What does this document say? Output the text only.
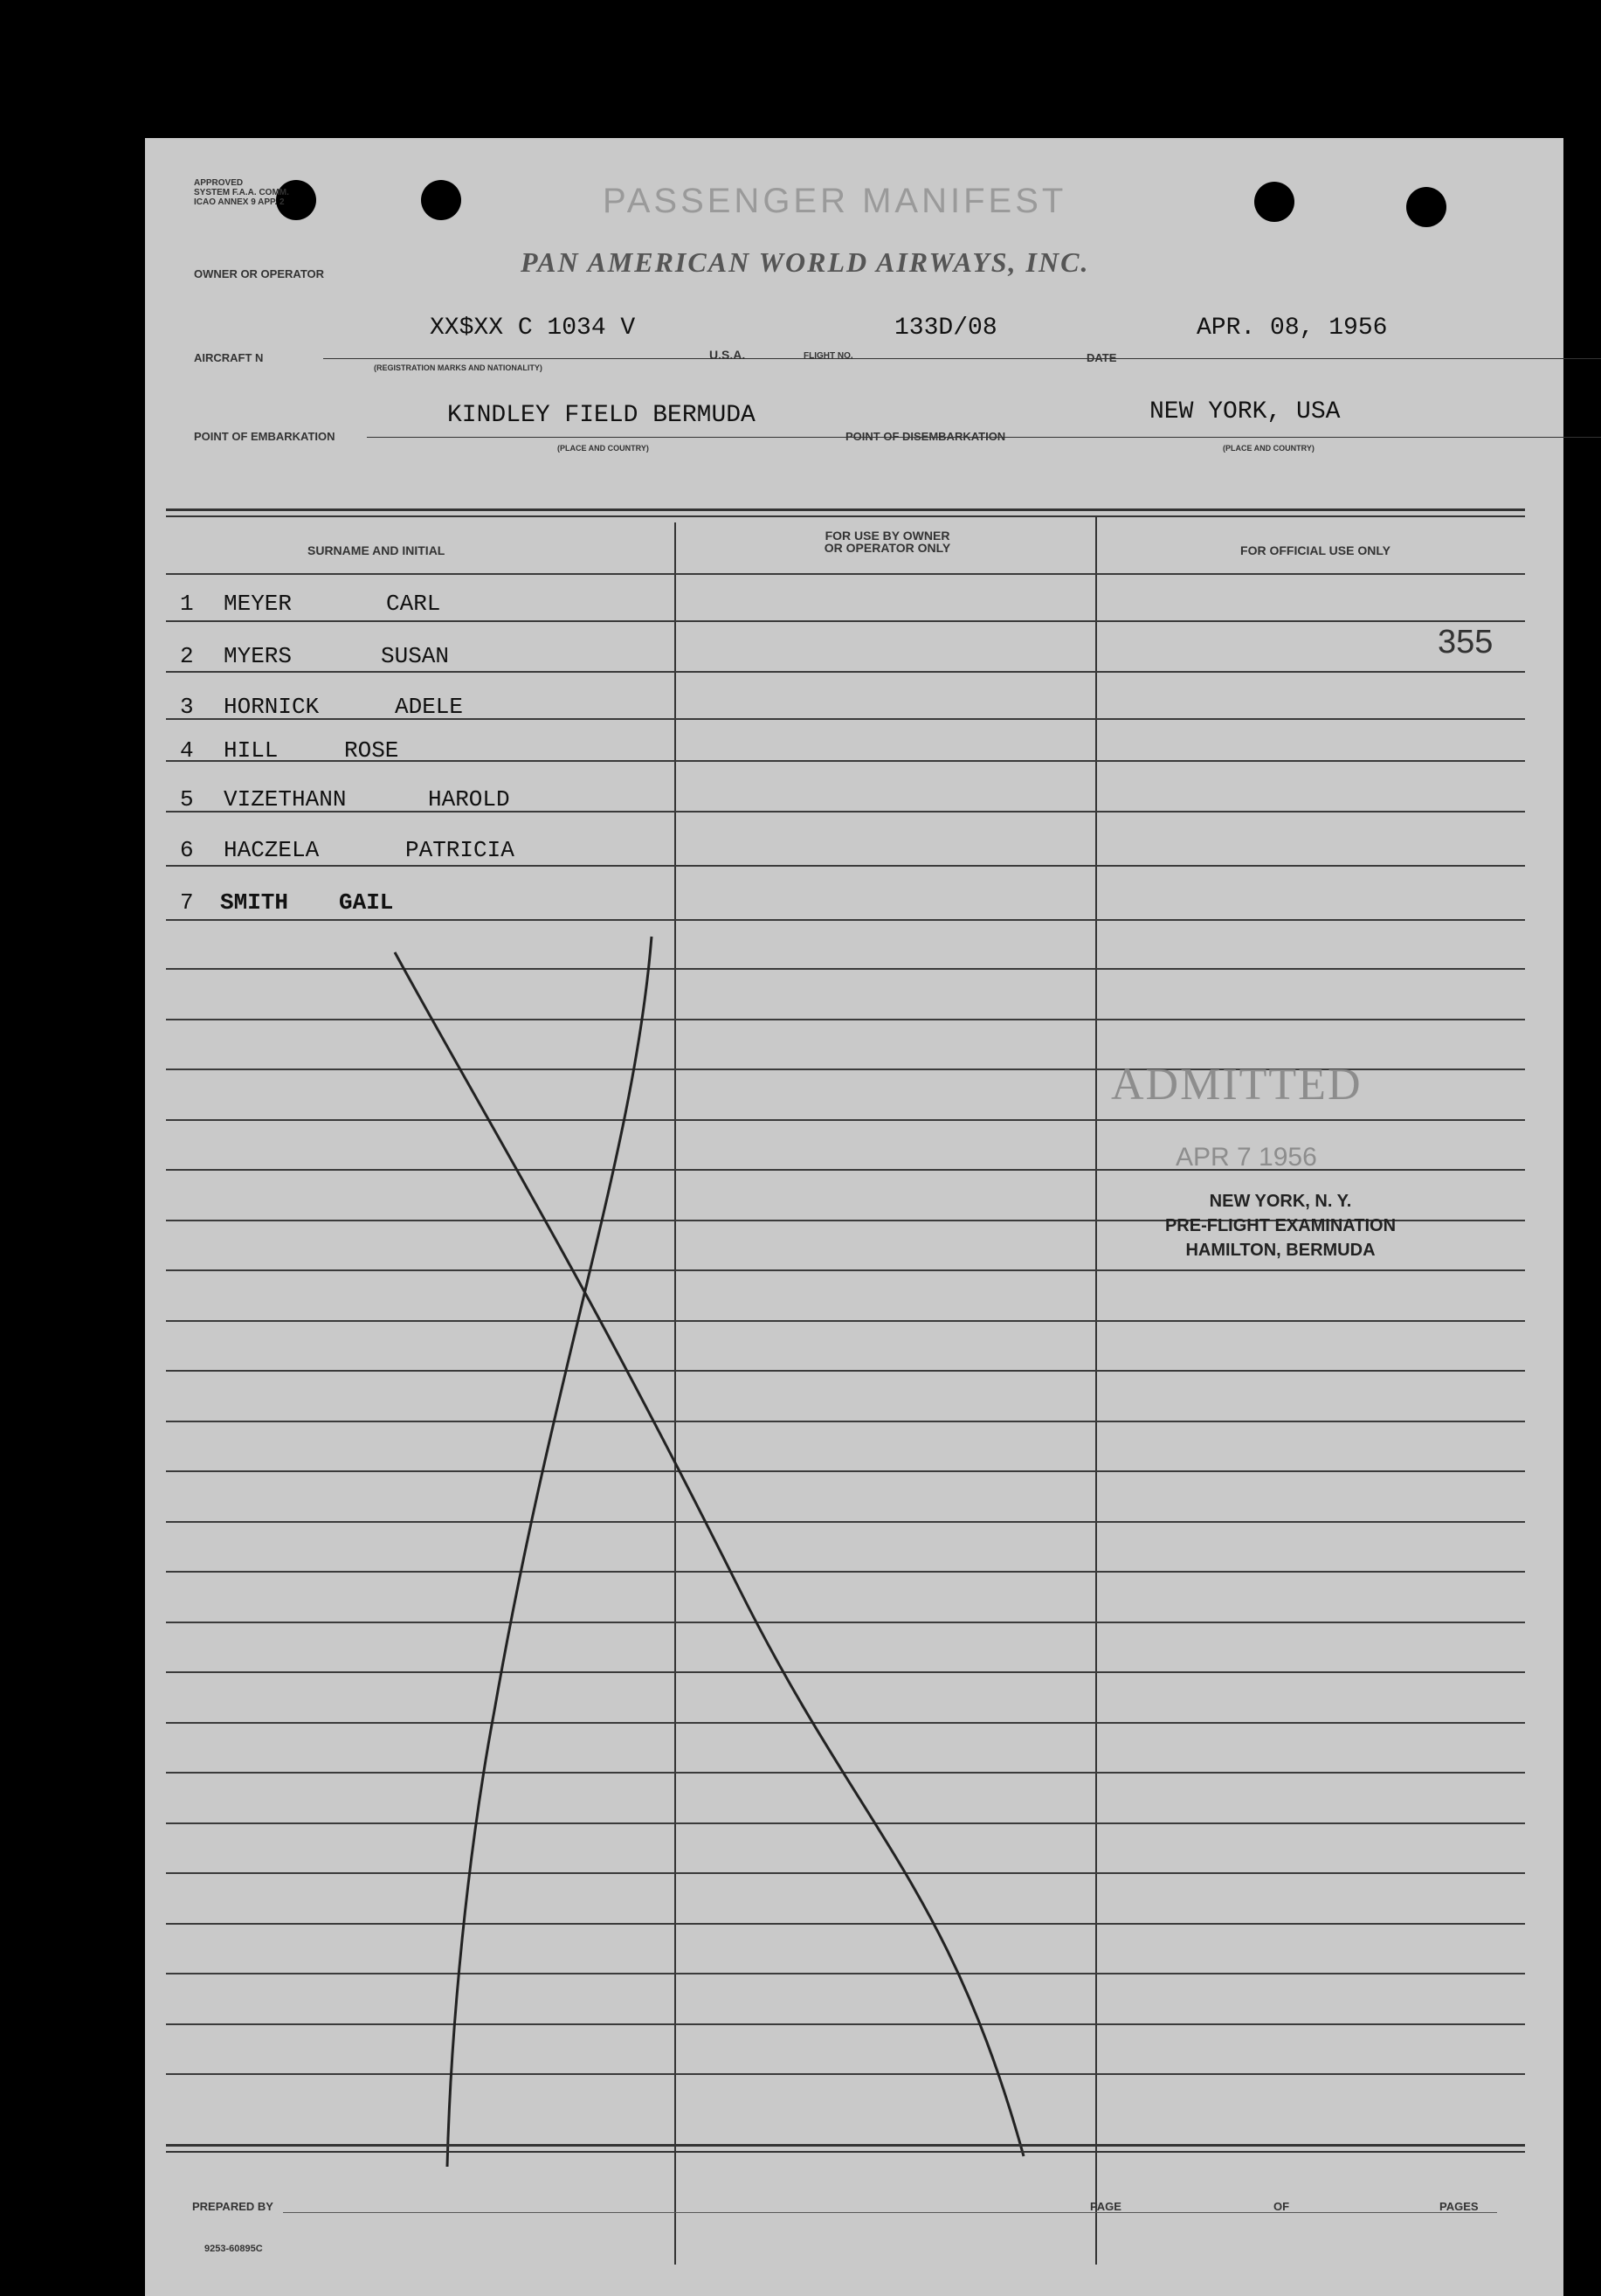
APPROVED
SYSTEM F.A.A. COMM.
ICAO ANNEX 9 APP. 2	PASSENGER MANIFEST
OWNER OR OPERATOR	PAN AMERICAN WORLD AIRWAYS, INC.
AIRCRAFT N
XX$XX C 1034 V
(REGISTRATION MARKS AND NATIONALITY)
U.S.A.	FLIGHT NO.
133D/08
DATE
APR. 08, 1956
POINT OF EMBARKATION
KINDLEY FIELD BERMUDA
(PLACE AND COUNTRY)
POINT OF DISEMBARKATION
NEW YORK, USA
(PLACE AND COUNTRY)
SURNAME AND INITIAL
FOR USE BY OWNER
OR OPERATOR ONLY	FOR OFFICIAL USE ONLY
1 MEYER	CARL
2 MYERS	SUSAN
3 HORNICK	ADELE
4 HILL	ROSE
5 VIZETHANN	HAROLD
6 HACZELA	PATRICIA
7 SMITH GAIL
355
ADMITTED
APR 7 1956
NEW YORK, N. Y.
PRE-FLIGHT EXAMINATION
HAMILTON, BERMUDA
PREPARED BY	PAGE	OF	PAGES
9253-60895C
